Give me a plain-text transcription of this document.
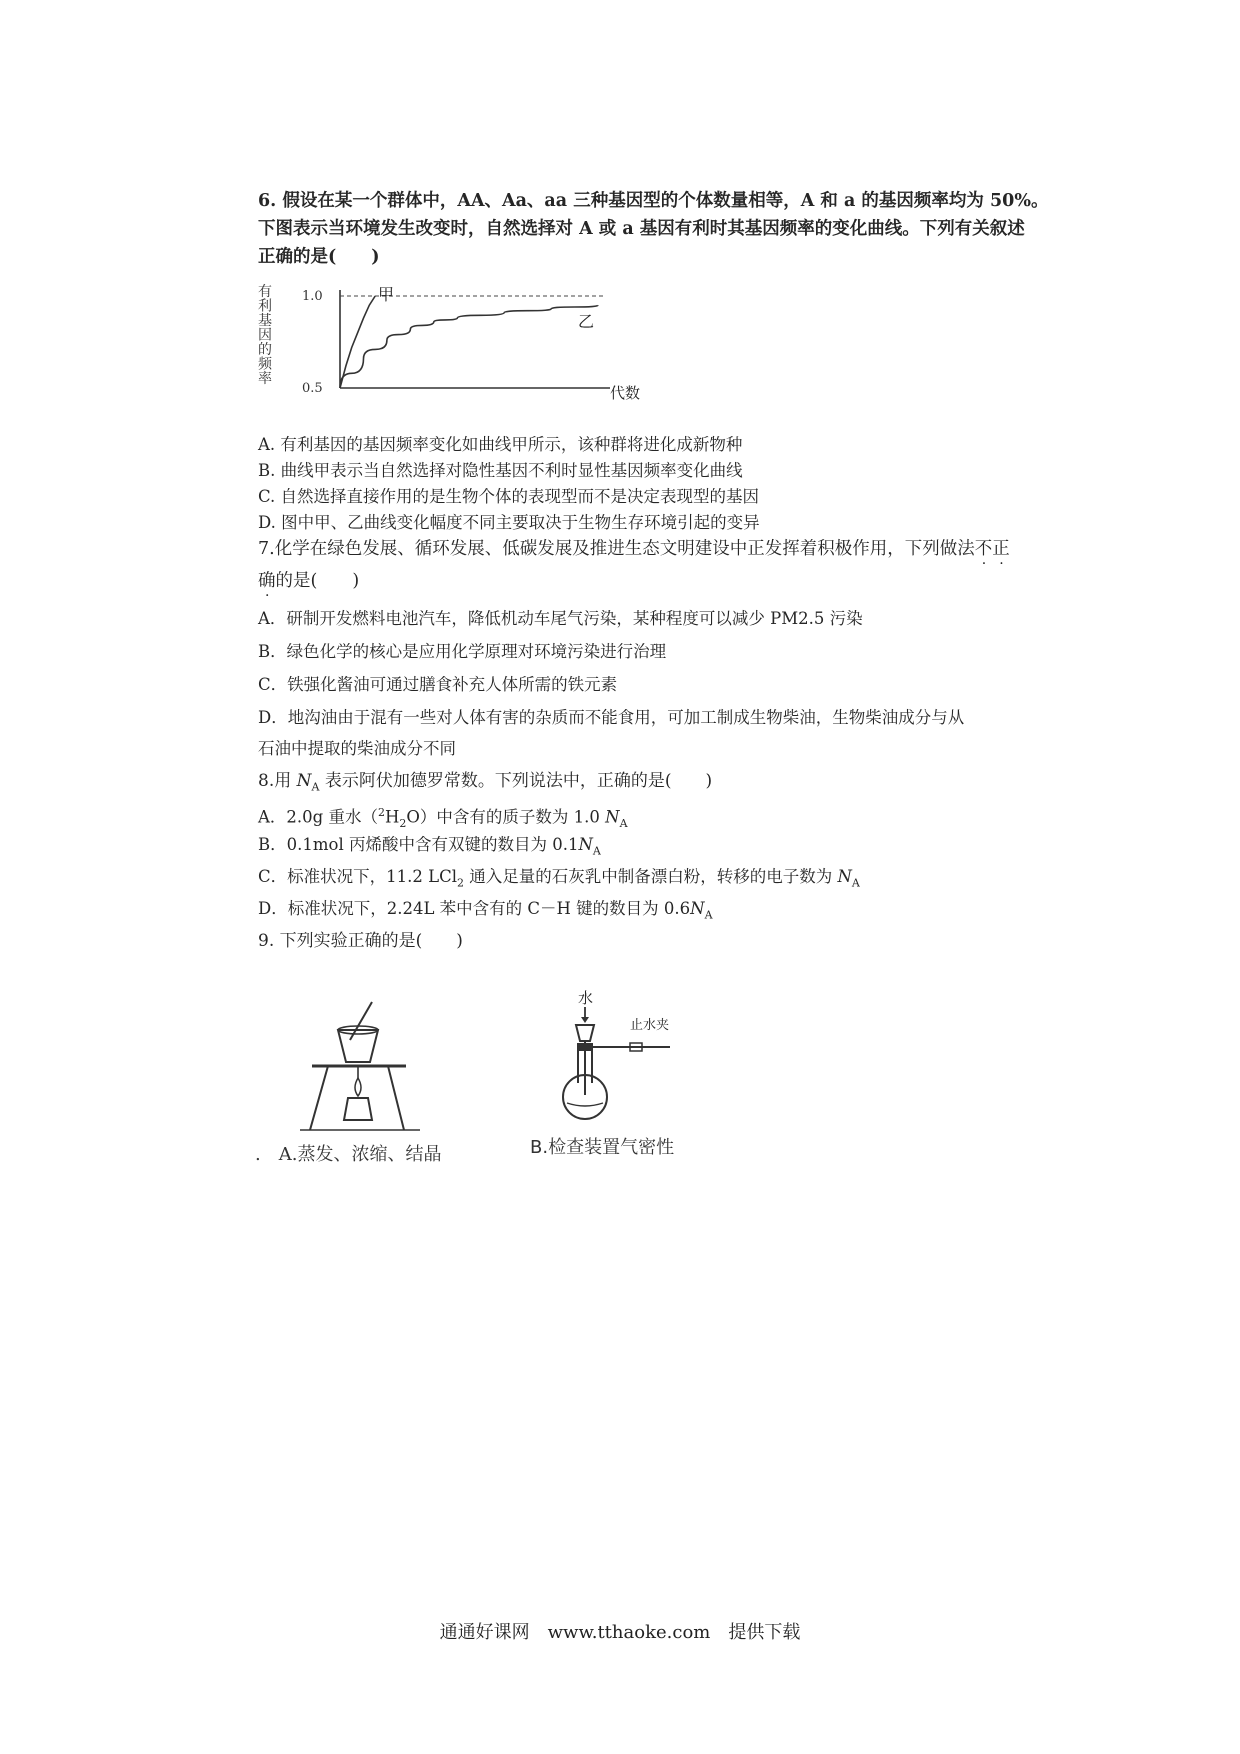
6. 假设在某一个群体中，AA、Aa、aa 三种基因型的个体数量相等，A 和 a 的基因频率均为 50%。
下图表示当环境发生改变时，自然选择对 A 或 a 基因有利时其基因频率的变化曲线。下列有关叙述
正确的是(　　)
有
利
基
因
的
频
率
1.0
0.5
甲
乙
代数
A. 有利基因的基因频率变化如曲线甲所示，该种群将进化成新物种
B. 曲线甲表示当自然选择对隐性基因不利时显性基因频率变化曲线
C. 自然选择直接作用的是生物个体的表现型而不是决定表现型的基因
D. 图中甲、乙曲线变化幅度不同主要取决于生物生存环境引起的变异
7.化学在绿色发展、循环发展、低碳发展及推进生态文明建设中正发挥着积极作用，下列做法不正
确的是(　　)
A．研制开发燃料电池汽车，降低机动车尾气污染，某种程度可以减少 PM2.5 污染
B．绿色化学的核心是应用化学原理对环境污染进行治理
C．铁强化酱油可通过膳食补充人体所需的铁元素
D．地沟油由于混有一些对人体有害的杂质而不能食用，可加工制成生物柴油，生物柴油成分与从
石油中提取的柴油成分不同
8.用 $N_A$ 表示阿伏加德罗常数。下列说法中，正确的是(　　)
A．2.0g 重水$(^2H_2O)$中含有的质子数为 1.0 $N_A$
B．0.1mol 丙烯酸中含有双键的数目为 $0.1N_A$
C．标准状况下，11.2 LCl$_2$ 通入足量的石灰乳中制备漂白粉，转移的电子数为 $N_A$
D．标准状况下，2.24L 苯中含有的 C－H 键的数目为 $0.6N_A$
9. 下列实验正确的是(　　)
.　 A.蒸发、浓缩、结晶
水
止水夹
B.检查装置气密性
通通好课网　www.tthaoke.com　提供下载
